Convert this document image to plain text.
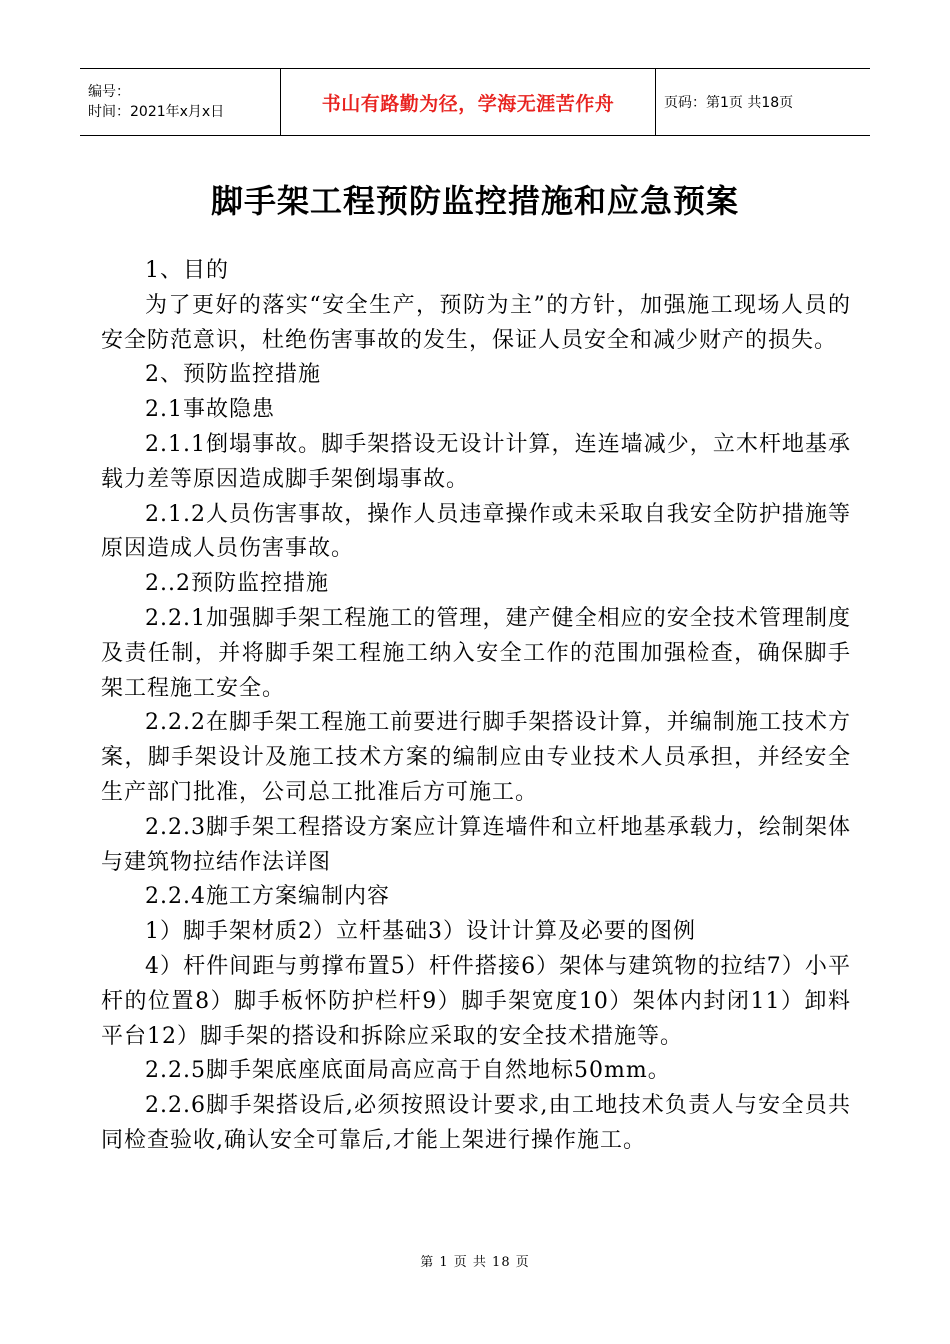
编号：
时间：2021年x月x日	书山有路勤为径，学海无涯苦作舟	页码：第1页 共18页
脚手架工程预防监控措施和应急预案

1、目的

为了更好的落实“安全生产，预防为主”的方针，加强施工现场人员的安全防范意识，杜绝伤害事故的发生，保证人员安全和减少财产的损失。

2、预防监控措施

2.1事故隐患

2.1.1倒塌事故。脚手架搭设无设计计算，连连墙减少，立木杆地基承载力差等原因造成脚手架倒塌事故。

2.1.2人员伤害事故，操作人员违章操作或未采取自我安全防护措施等原因造成人员伤害事故。

2..2预防监控措施

2.2.1加强脚手架工程施工的管理，建产健全相应的安全技术管理制度及责任制，并将脚手架工程施工纳入安全工作的范围加强检查，确保脚手架工程施工安全。

2.2.2在脚手架工程施工前要进行脚手架搭设计算，并编制施工技术方案，脚手架设计及施工技术方案的编制应由专业技术人员承担，并经安全生产部门批准，公司总工批准后方可施工。

2.2.3脚手架工程搭设方案应计算连墙件和立杆地基承载力，绘制架体与建筑物拉结作法详图

2.2.4施工方案编制内容

1）脚手架材质2）立杆基础3）设计计算及必要的图例

4）杆件间距与剪撑布置5）杆件搭接6）架体与建筑物的拉结7）小平杆的位置8）脚手板怀防护栏杆9）脚手架宽度10）架体内封闭11）卸料平台12）脚手架的搭设和拆除应采取的安全技术措施等。

2.2.5脚手架底座底面局高应高于自然地标50mm。

2.2.6脚手架搭设后,必须按照设计要求,由工地技术负责人与安全员共同检查验收,确认安全可靠后,才能上架进行操作施工。

第 1 页 共 18 页
